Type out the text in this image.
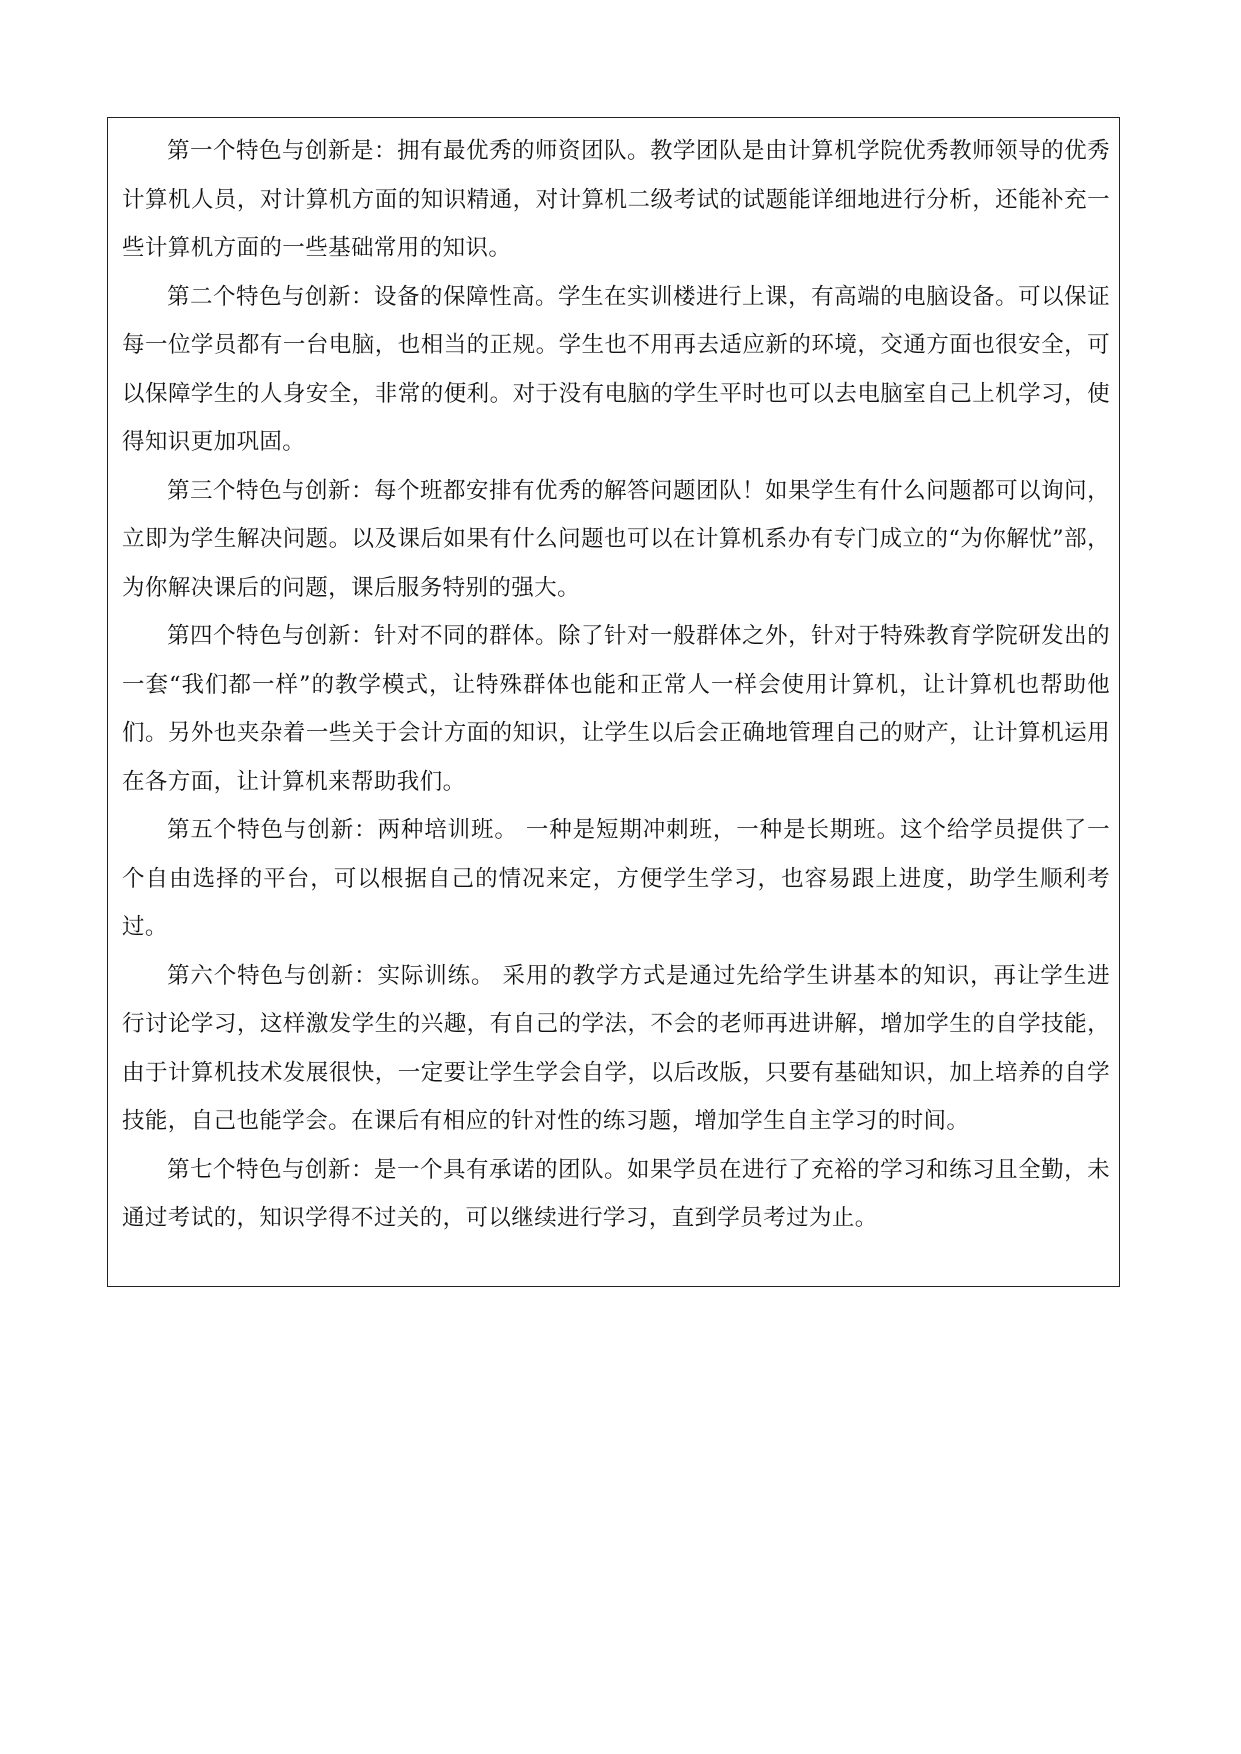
第一个特色与创新是：拥有最优秀的师资团队。教学团队是由计算机学院优秀教师领导的优秀计算机人员，对计算机方面的知识精通，对计算机二级考试的试题能详细地进行分析，还能补充一些计算机方面的一些基础常用的知识。

第二个特色与创新：设备的保障性高。学生在实训楼进行上课，有高端的电脑设备。可以保证每一位学员都有一台电脑，也相当的正规。学生也不用再去适应新的环境，交通方面也很安全，可以保障学生的人身安全，非常的便利。对于没有电脑的学生平时也可以去电脑室自己上机学习，使得知识更加巩固。

第三个特色与创新：每个班都安排有优秀的解答问题团队！如果学生有什么问题都可以询问，立即为学生解决问题。以及课后如果有什么问题也可以在计算机系办有专门成立的“为你解忧”部，为你解决课后的问题，课后服务特别的强大。

第四个特色与创新：针对不同的群体。除了针对一般群体之外，针对于特殊教育学院研发出的一套“我们都一样”的教学模式，让特殊群体也能和正常人一样会使用计算机，让计算机也帮助他们。另外也夹杂着一些关于会计方面的知识，让学生以后会正确地管理自己的财产，让计算机运用在各方面，让计算机来帮助我们。

第五个特色与创新：两种培训班。 一种是短期冲刺班，一种是长期班。这个给学员提供了一个自由选择的平台，可以根据自己的情况来定，方便学生学习，也容易跟上进度，助学生顺利考过。

第六个特色与创新：实际训练。 采用的教学方式是通过先给学生讲基本的知识，再让学生进行讨论学习，这样激发学生的兴趣，有自己的学法，不会的老师再进讲解，增加学生的自学技能，由于计算机技术发展很快，一定要让学生学会自学，以后改版，只要有基础知识，加上培养的自学技能，自己也能学会。在课后有相应的针对性的练习题，增加学生自主学习的时间。

第七个特色与创新：是一个具有承诺的团队。如果学员在进行了充裕的学习和练习且全勤，未通过考试的，知识学得不过关的，可以继续进行学习，直到学员考过为止。
